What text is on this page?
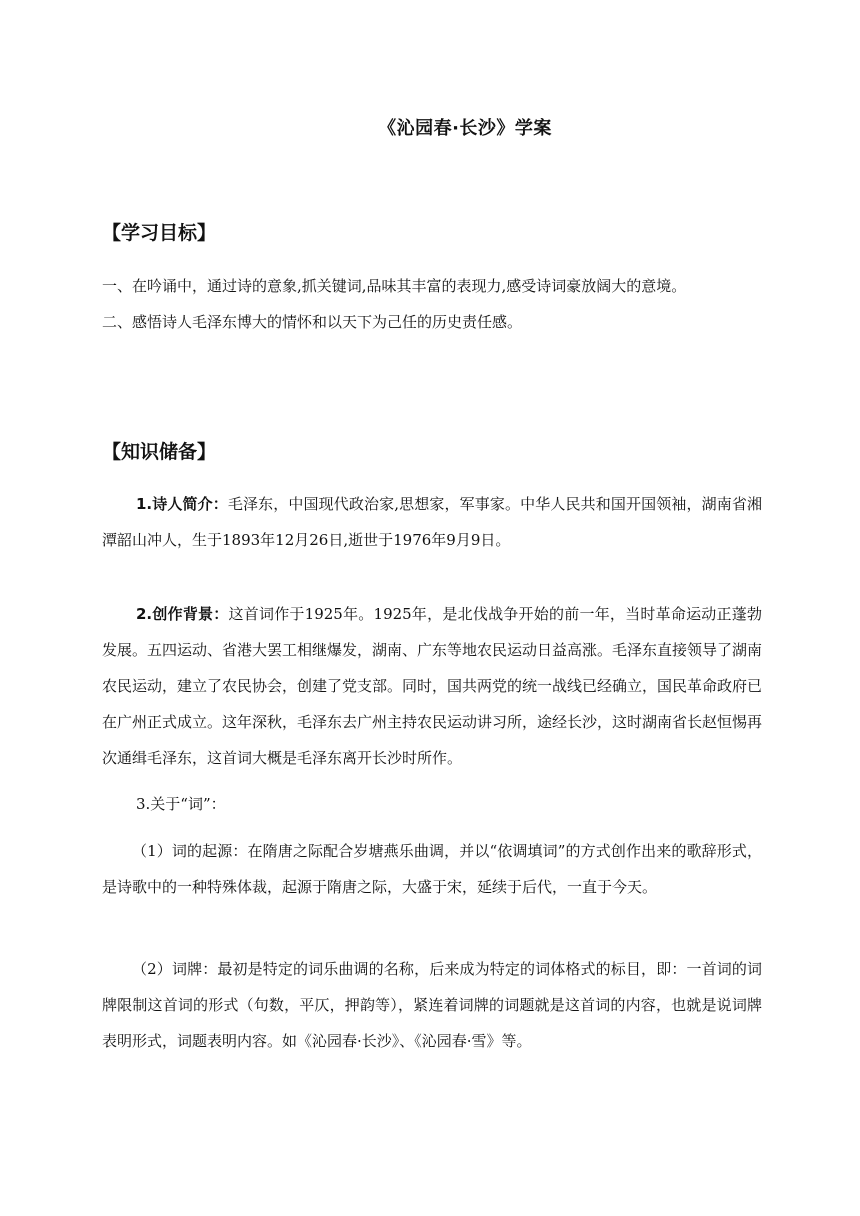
《沁园春·长沙》学案
【学习目标】
一、在吟诵中，通过诗的意象,抓关键词,品味其丰富的表现力,感受诗词豪放阔大的意境。
二、感悟诗人毛泽东博大的情怀和以天下为己任的历史责任感。
【知识储备】
1.诗人简介：毛泽东，中国现代政治家,思想家，军事家。中华人民共和国开国领袖，湖南省湘潭韶山冲人，生于1893年12月26日,逝世于1976年9月9日。
2.创作背景：这首词作于1925年。1925年，是北伐战争开始的前一年，当时革命运动正蓬勃发展。五四运动、省港大罢工相继爆发，湖南、广东等地农民运动日益高涨。毛泽东直接领导了湖南农民运动，建立了农民协会，创建了党支部。同时，国共两党的统一战线已经确立，国民革命政府已在广州正式成立。这年深秋，毛泽东去广州主持农民运动讲习所，途经长沙，这时湖南省长赵恒惕再次通缉毛泽东，这首词大概是毛泽东离开长沙时所作。
3.关于“词”：
（1）词的起源：在隋唐之际配合岁塘燕乐曲调，并以“依调填词”的方式创作出来的歌辞形式，是诗歌中的一种特殊体裁，起源于隋唐之际，大盛于宋，延续于后代，一直于今天。
（2）词牌：最初是特定的词乐曲调的名称，后来成为特定的词体格式的标目，即：一首词的词牌限制这首词的形式（句数，平仄，押韵等），紧连着词牌的词题就是这首词的内容，也就是说词牌表明形式，词题表明内容。如《沁园春·长沙》、《沁园春·雪》等。
